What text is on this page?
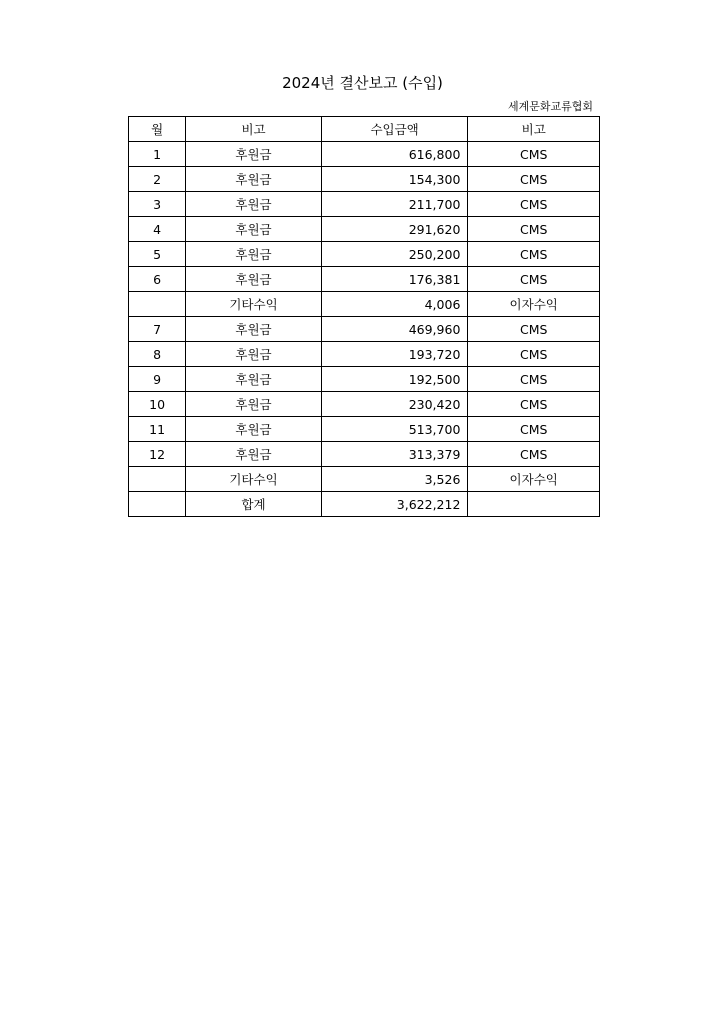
2024년 결산보고 (수입)
세계문화교류협회
월	비고	수입금액	비고
1	후원금	616,800	CMS
2	후원금	154,300	CMS
3	후원금	211,700	CMS
4	후원금	291,620	CMS
5	후원금	250,200	CMS
6	후원금	176,381	CMS
	기타수익	4,006	이자수익
7	후원금	469,960	CMS
8	후원금	193,720	CMS
9	후원금	192,500	CMS
10	후원금	230,420	CMS
11	후원금	513,700	CMS
12	후원금	313,379	CMS
	기타수익	3,526	이자수익
	합계	3,622,212	
